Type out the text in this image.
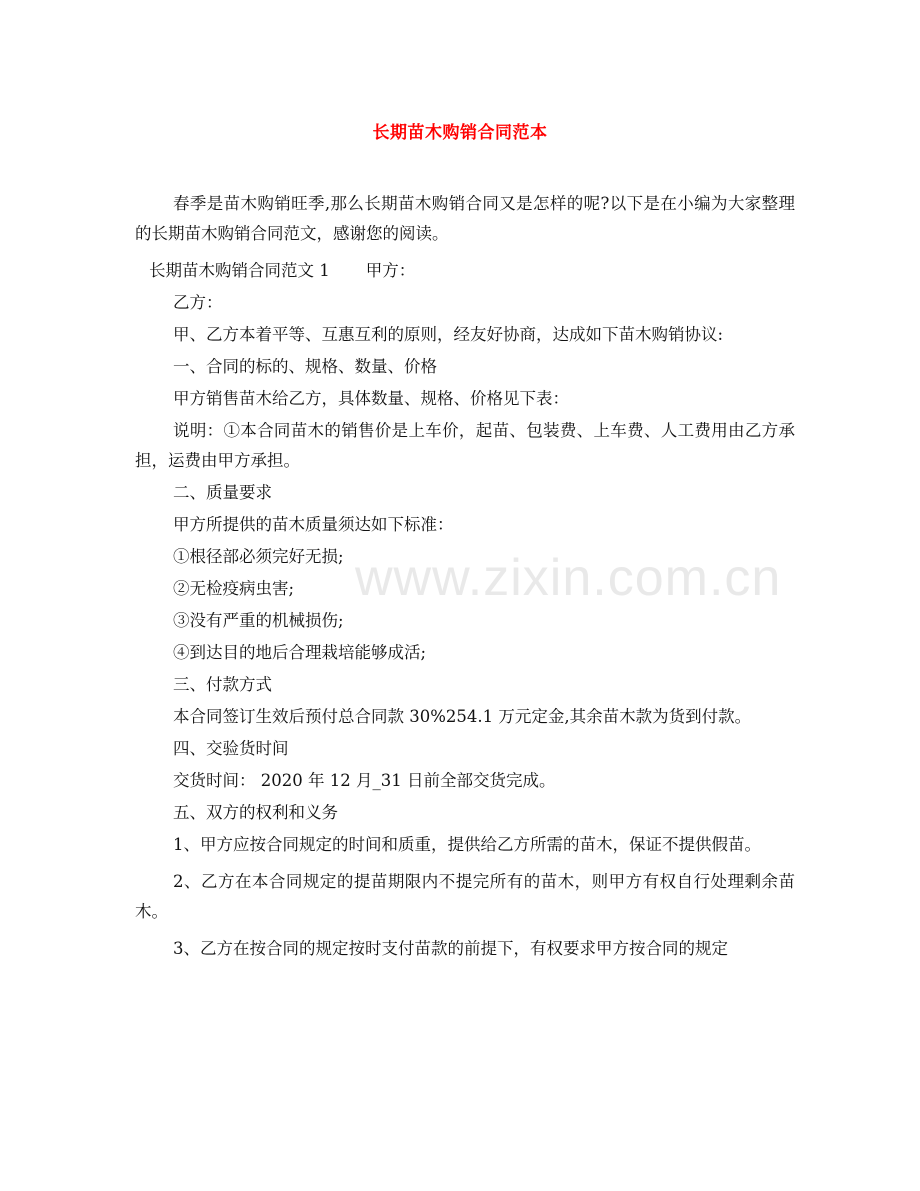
www.zixin.com.cn
长期苗木购销合同范本

春季是苗木购销旺季,那么长期苗木购销合同又是怎样的呢?以下是在小编为大家整理的长期苗木购销合同范文，感谢您的阅读。

长期苗木购销合同范文 1 甲方：

乙方：

甲、乙方本着平等、互惠互利的原则，经友好协商，达成如下苗木购销协议:

一、合同的标的、规格、数量、价格

甲方销售苗木给乙方，具体数量、规格、价格见下表：

说明：①本合同苗木的销售价是上车价，起苗、包装费、上车费、人工费用由乙方承担，运费由甲方承担。

二、质量要求

甲方所提供的苗木质量须达如下标准：

①根径部必须完好无损;

②无检疫病虫害;

③没有严重的机械损伤;

④到达目的地后合理栽培能够成活;

三、付款方式

本合同签订生效后预付总合同款 30%254.1 万元定金,其余苗木款为货到付款。

四、交验货时间

交货时间： 2020 年 12 月_31 日前全部交货完成。

五、双方的权利和义务

1、甲方应按合同规定的时间和质重，提供给乙方所需的苗木，保证不提供假苗。

2、乙方在本合同规定的提苗期限内不提完所有的苗木，则甲方有权自行处理剩余苗木。

3、乙方在按合同的规定按时支付苗款的前提下，有权要求甲方按合同的规定
